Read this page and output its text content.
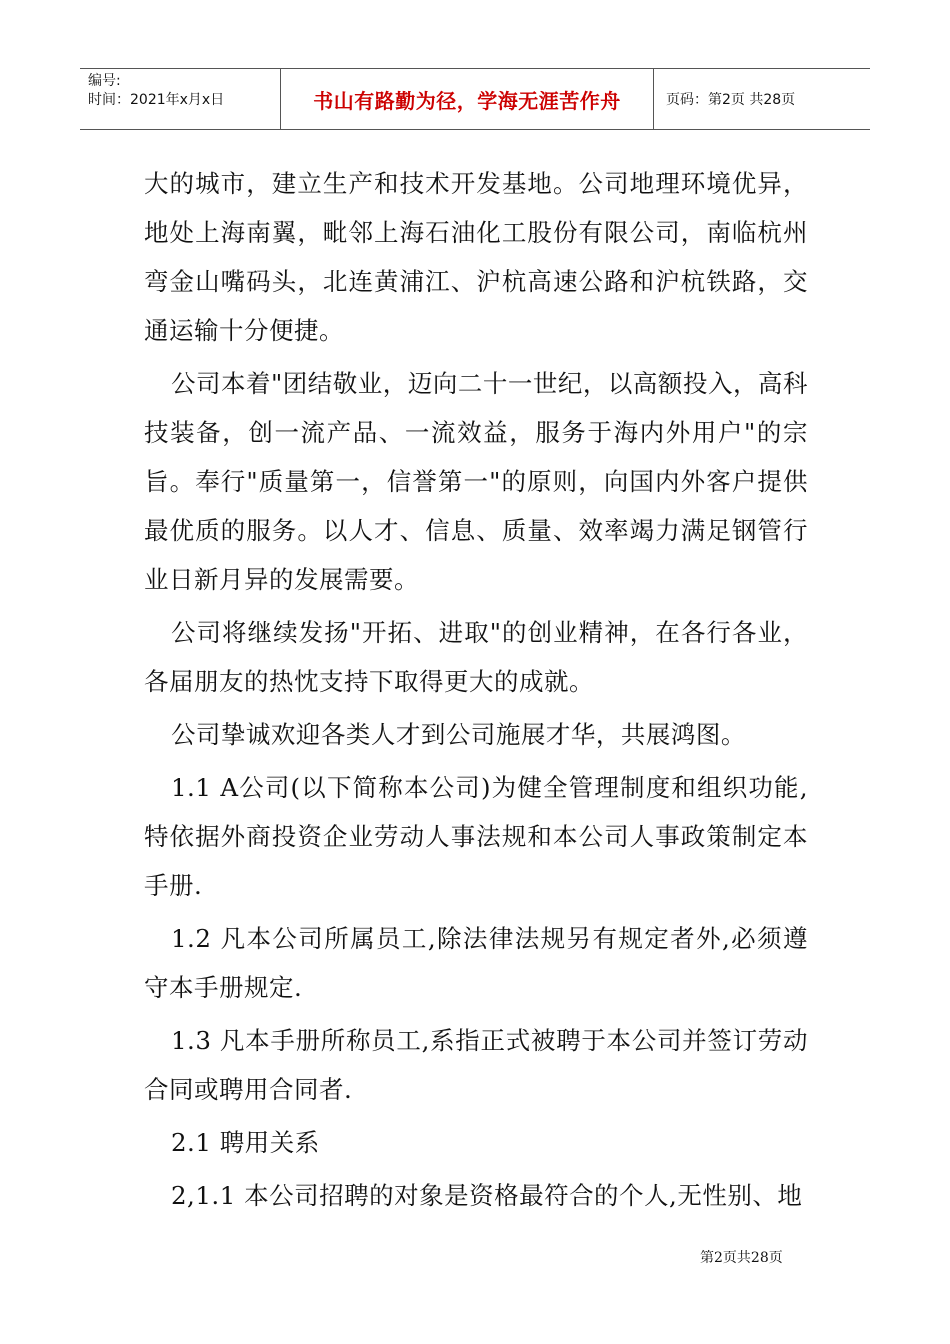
编号:
时间：2021年x月x日	书山有路勤为径，学海无涯苦作舟	页码：第2页 共28页

大的城市，建立生产和技术开发基地。公司地理环境优异，地处上海南翼，毗邻上海石油化工股份有限公司，南临杭州弯金山嘴码头，北连黄浦江、沪杭高速公路和沪杭铁路，交通运输十分便捷。

公司本着"团结敬业，迈向二十一世纪，以高额投入，高科技装备，创一流产品、一流效益，服务于海内外用户"的宗旨。奉行"质量第一，信誉第一"的原则，向国内外客户提供最优质的服务。以人才、信息、质量、效率竭力满足钢管行业日新月异的发展需要。

公司将继续发扬"开拓、进取"的创业精神，在各行各业，各届朋友的热忱支持下取得更大的成就。

公司挚诚欢迎各类人才到公司施展才华，共展鸿图。

1.1 A公司(以下简称本公司)为健全管理制度和组织功能,特依据外商投资企业劳动人事法规和本公司人事政策制定本手册.

1.2 凡本公司所属员工,除法律法规另有规定者外,必须遵守本手册规定.

1.3 凡本手册所称员工,系指正式被聘于本公司并签订劳动合同或聘用合同者.

2.1 聘用关系

2,1.1 本公司招聘的对象是资格最符合的个人,无性别、地

第2页共28页
